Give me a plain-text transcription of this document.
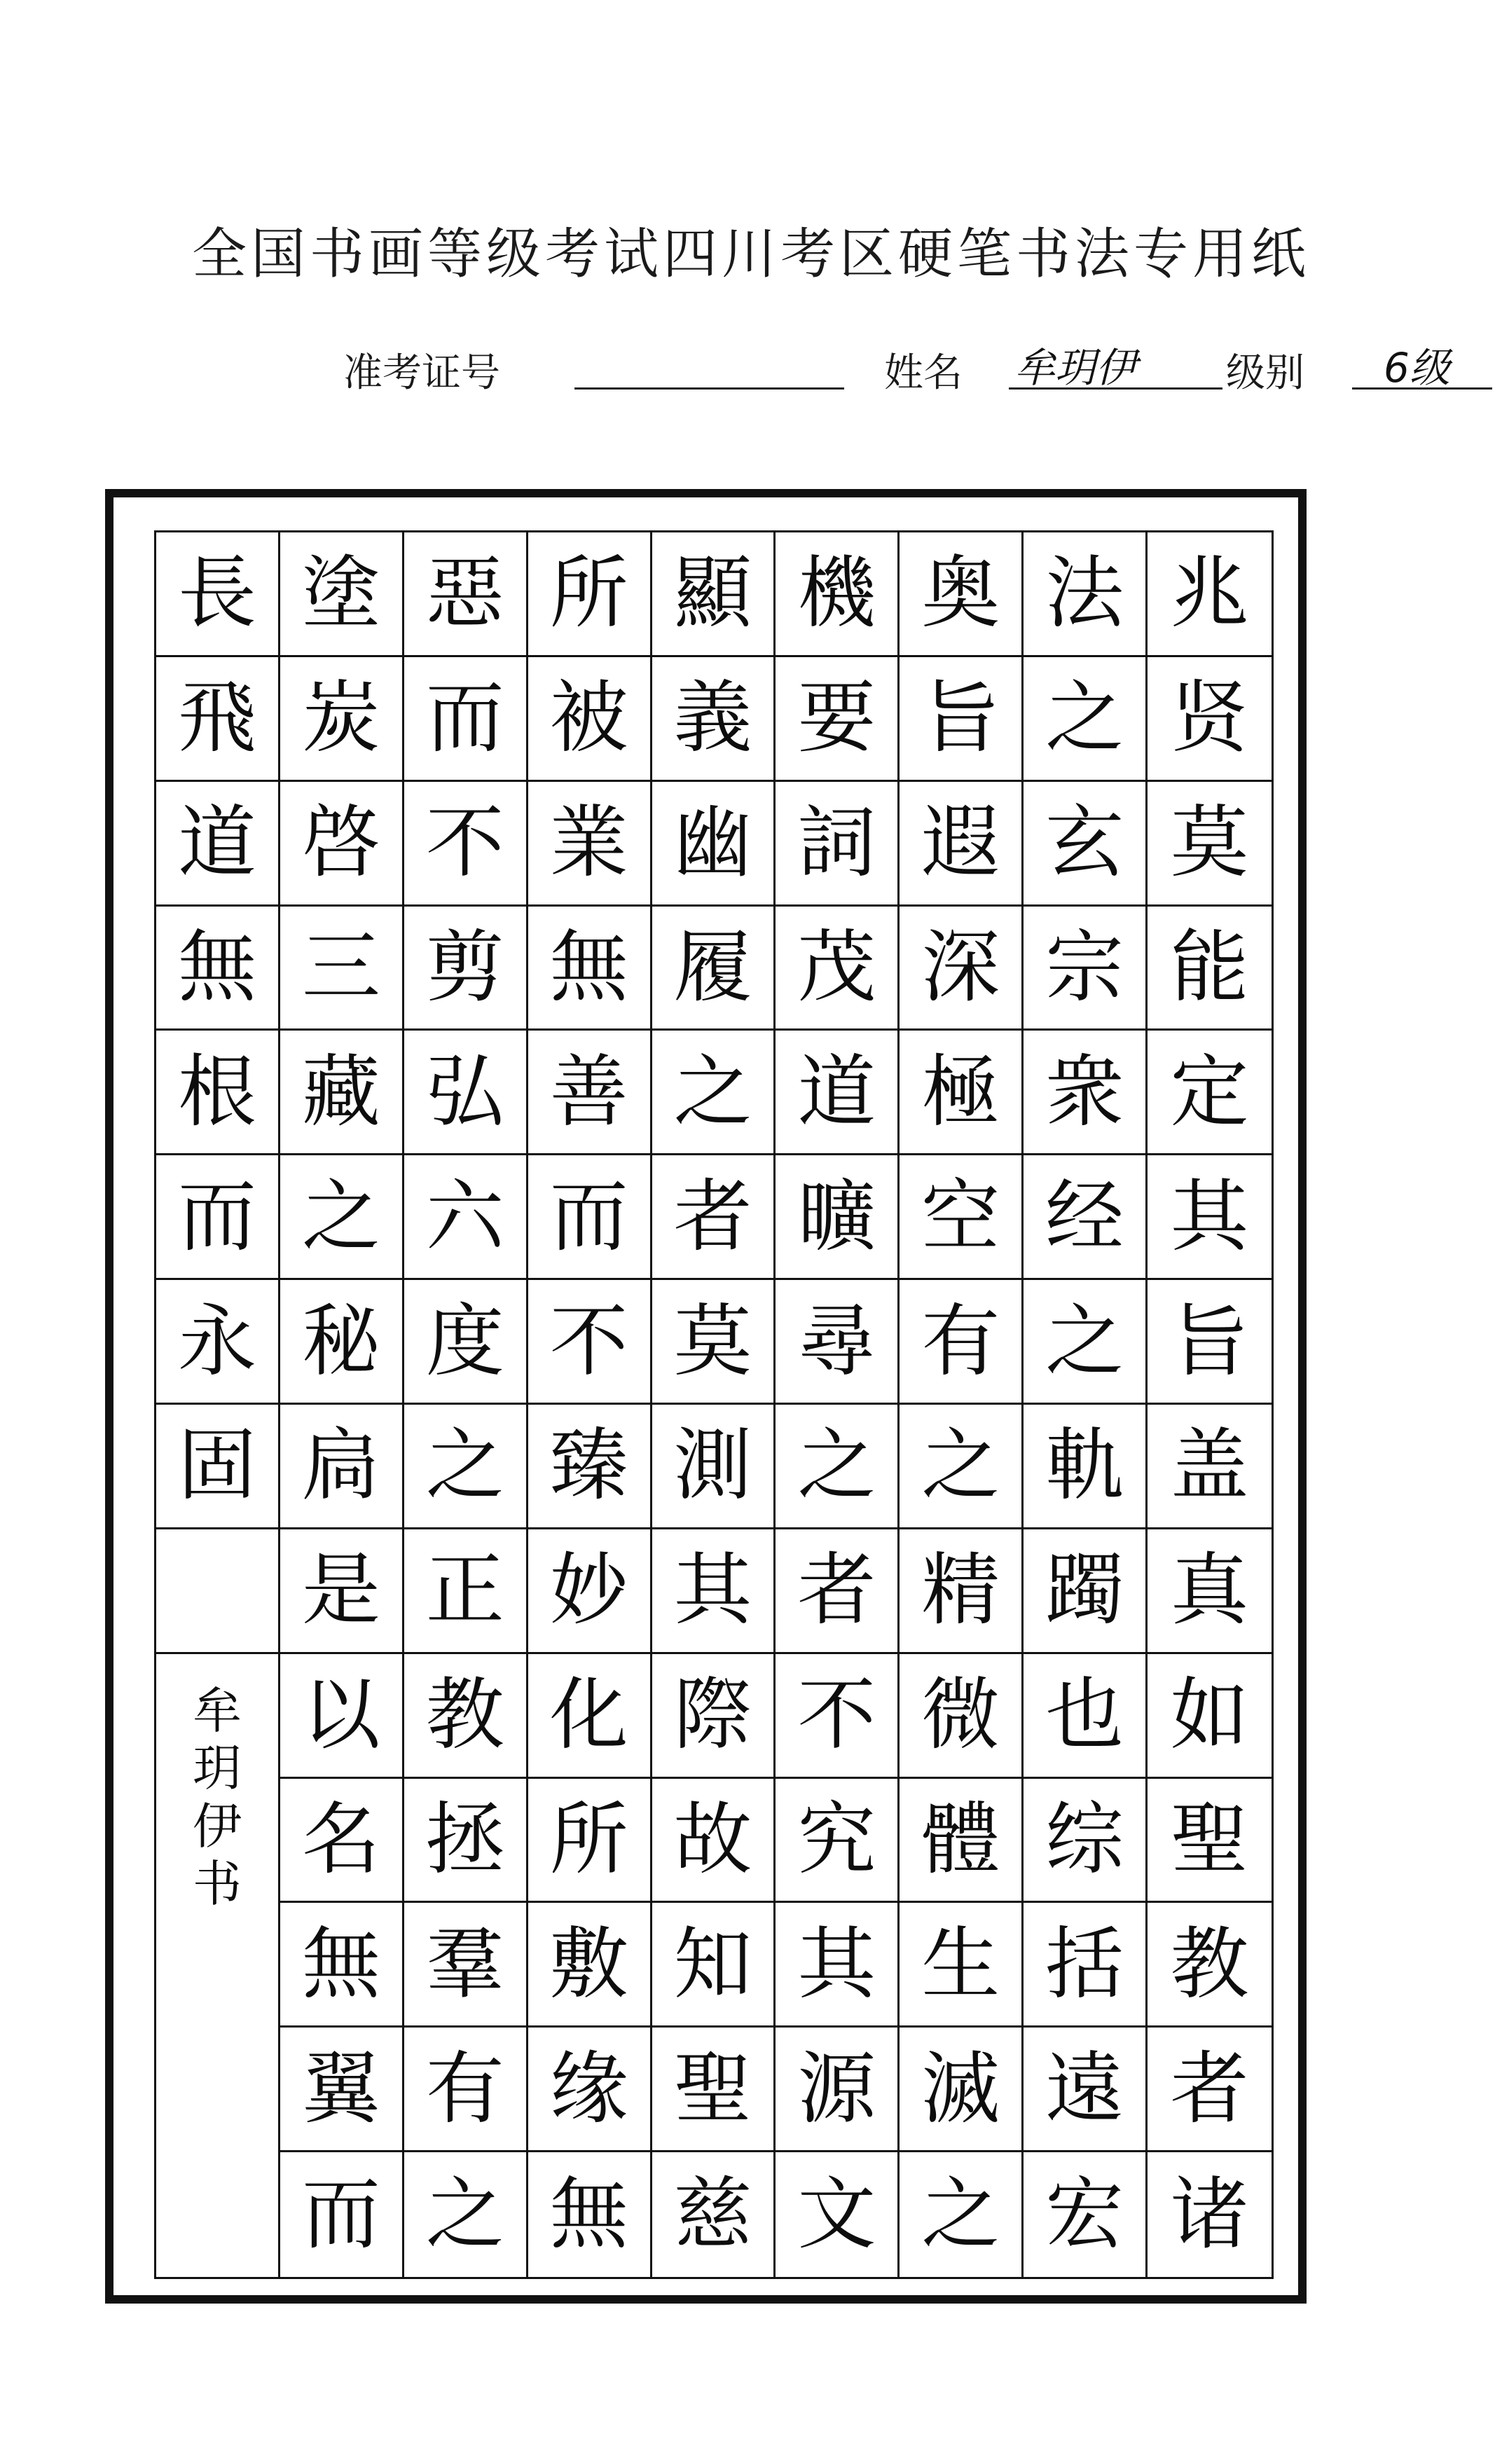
全国书画等级考试四川考区硬笔书法专用纸
准考证号	姓名 牟玥伊 级别 6级
長 塗 惡 所 顯 機 奥 法 兆
飛 炭 而 被 義 要 旨 之 贤
道 啓 不 業 幽 詞 遐 玄 莫
無 三 剪 無 履 茂 深 宗 能
根 藏 弘 善 之 道 極 衆 定
而 之 六 而 者 曠 空 经 其
永 秘 度 不 莫 尋 有 之 旨
固 扃 之 臻 測 之 之 軌 盖
是 正 妙 其 者 精 躅 真
牟
玥
伊
书
以 教 化 際 不 微 也 如
名 拯 所 故 究 體 综 聖
無 羣 敷 知 其 生 括 教
翼 有 缘 聖 源 滅 遠 者
而 之 無 慈 文 之 宏 诸
